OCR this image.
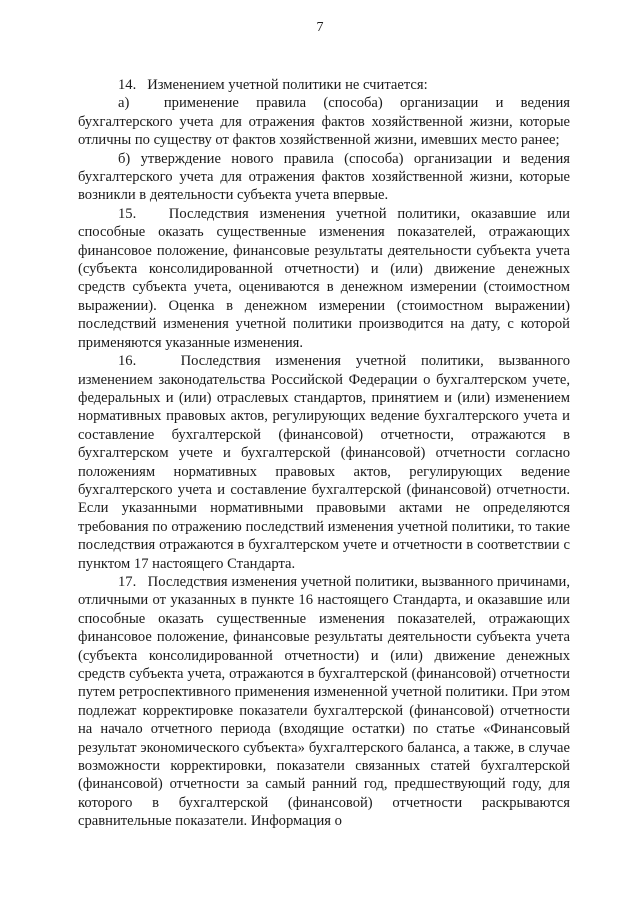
7

14.   Изменением учетной политики не считается:

а)  применение правила (способа) организации и ведения бухгалтерского учета для отражения фактов хозяйственной жизни, которые отличны по существу от фактов хозяйственной жизни, имевших место ранее;

б) утверждение нового правила (способа) организации и ведения бухгалтерского учета для отражения фактов хозяйственной жизни, которые возникли в деятельности субъекта учета впервые.

15.   Последствия изменения учетной политики, оказавшие или способные оказать существенные изменения показателей, отражающих финансовое положение, финансовые результаты деятельности субъекта учета (субъекта консолидированной отчетности) и (или) движение денежных средств субъекта учета, оцениваются в денежном измерении (стоимостном выражении). Оценка в денежном измерении (стоимостном выражении) последствий изменения учетной политики производится на дату, с которой применяются указанные изменения.

16.   Последствия изменения учетной политики, вызванного изменением законодательства Российской Федерации о бухгалтерском учете, федеральных и (или) отраслевых стандартов, принятием и (или) изменением нормативных правовых актов, регулирующих ведение бухгалтерского учета и составление бухгалтерской (финансовой) отчетности, отражаются в бухгалтерском учете и бухгалтерской (финансовой) отчетности согласно положениям нормативных правовых актов, регулирующих ведение бухгалтерского учета и составление бухгалтерской (финансовой) отчетности. Если указанными нормативными правовыми актами не определяются требования по отражению последствий изменения учетной политики, то такие последствия отражаются в бухгалтерском учете и отчетности в соответствии с пунктом 17 настоящего Стандарта.

17.   Последствия изменения учетной политики, вызванного причинами, отличными от указанных в пункте 16 настоящего Стандарта, и оказавшие или способные оказать существенные изменения показателей, отражающих финансовое положение, финансовые результаты деятельности субъекта учета (субъекта консолидированной отчетности) и (или) движение денежных средств субъекта учета, отражаются в бухгалтерской (финансовой) отчетности путем ретроспективного применения измененной учетной политики. При этом подлежат корректировке показатели бухгалтерской (финансовой) отчетности на начало отчетного периода (входящие остатки) по статье «Финансовый результат экономического субъекта» бухгалтерского баланса, а также, в случае возможности корректировки, показатели связанных статей бухгалтерской (финансовой) отчетности за самый ранний год, предшествующий году, для которого в бухгалтерской (финансовой) отчетности раскрываются сравнительные показатели. Информация о
